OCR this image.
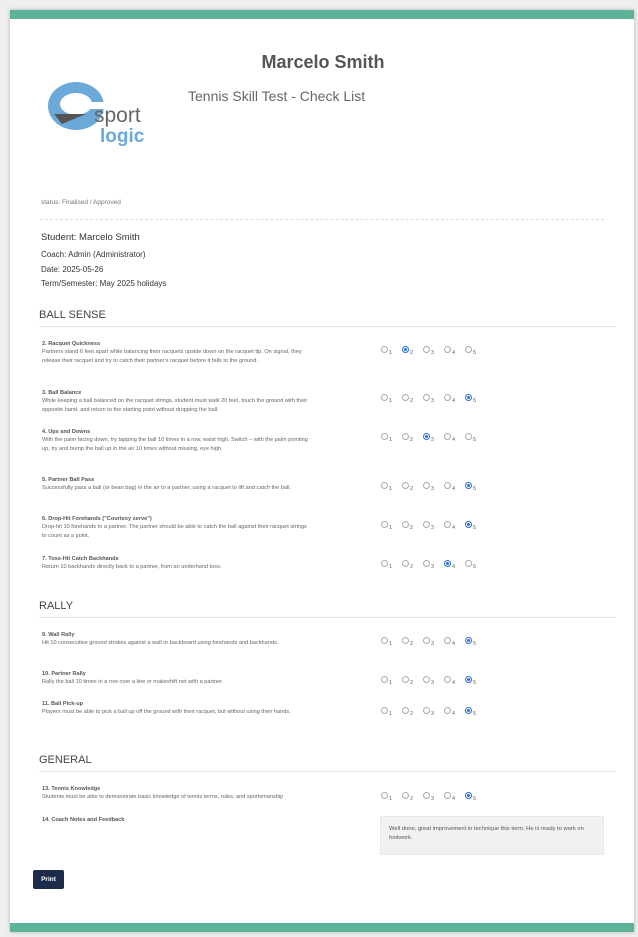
sport
logic
Marcelo Smith
Tennis Skill Test - Check List
status: Finalised / Approved
Student: Marcelo Smith
Coach: Admin (Administrator)
Date: 2025-05-26
Term/Semester: May 2025 holidays
BALL SENSE
2. Racquet Quickness
Partners stand 6 feet apart while balancing their racquets upside down on the racquet tip. On signal, they release their racquet and try to catch their partner's racquet before it falls to the ground.
1	2	3	4	5
3. Ball Balance
While keeping a ball balanced on the racquet strings, student must walk 20 feet, touch the ground with their opposite hand, and return to the starting point without dropping the ball.
1	2	3	4	5
4. Ups and Downs
With the palm facing down, try tapping the ball 10 times in a row, waist high. Switch – with the palm pointing up, try and bump the ball up in the air 10 times without missing, eye high.
1	2	3	4	5
5. Partner Ball Pass
Successfully pass a ball (or bean bag) in the air to a partner, using a racquet to lift and catch the ball.	1	2	3	4	5
6. Drop-Hit Forehands ("Courtesy serve")
Drop-hit 10 forehands to a partner. The partner should be able to catch the ball against their racquet strings to count as a point.
1	2	3	4	5
7. Toss-Hit Catch Backhands
Return 10 backhands directly back to a partner, from an underhand toss.	1	2	3	4	5
RALLY
9. Wall Rally
Hit 10 consecutive ground strokes against a wall or backboard using forehands and backhands.	1	2	3	4	5
10. Partner Rally
Rally the ball 10 times in a row over a line or makeshift net with a partner.	1	2	3	4	5
11. Ball Pick-up
Players must be able to pick a ball up off the ground with their racquet, but without using their hands.	1	2	3	4	5
GENERAL
13. Tennis Knowledge
Students must be able to demonstrate basic knowledge of tennis terms, rules, and sportsmanship	1	2	3	4	5
14. Coach Notes and Feedback
Well done, great improvement in technique this term. He is ready to work on footwork.
Print
